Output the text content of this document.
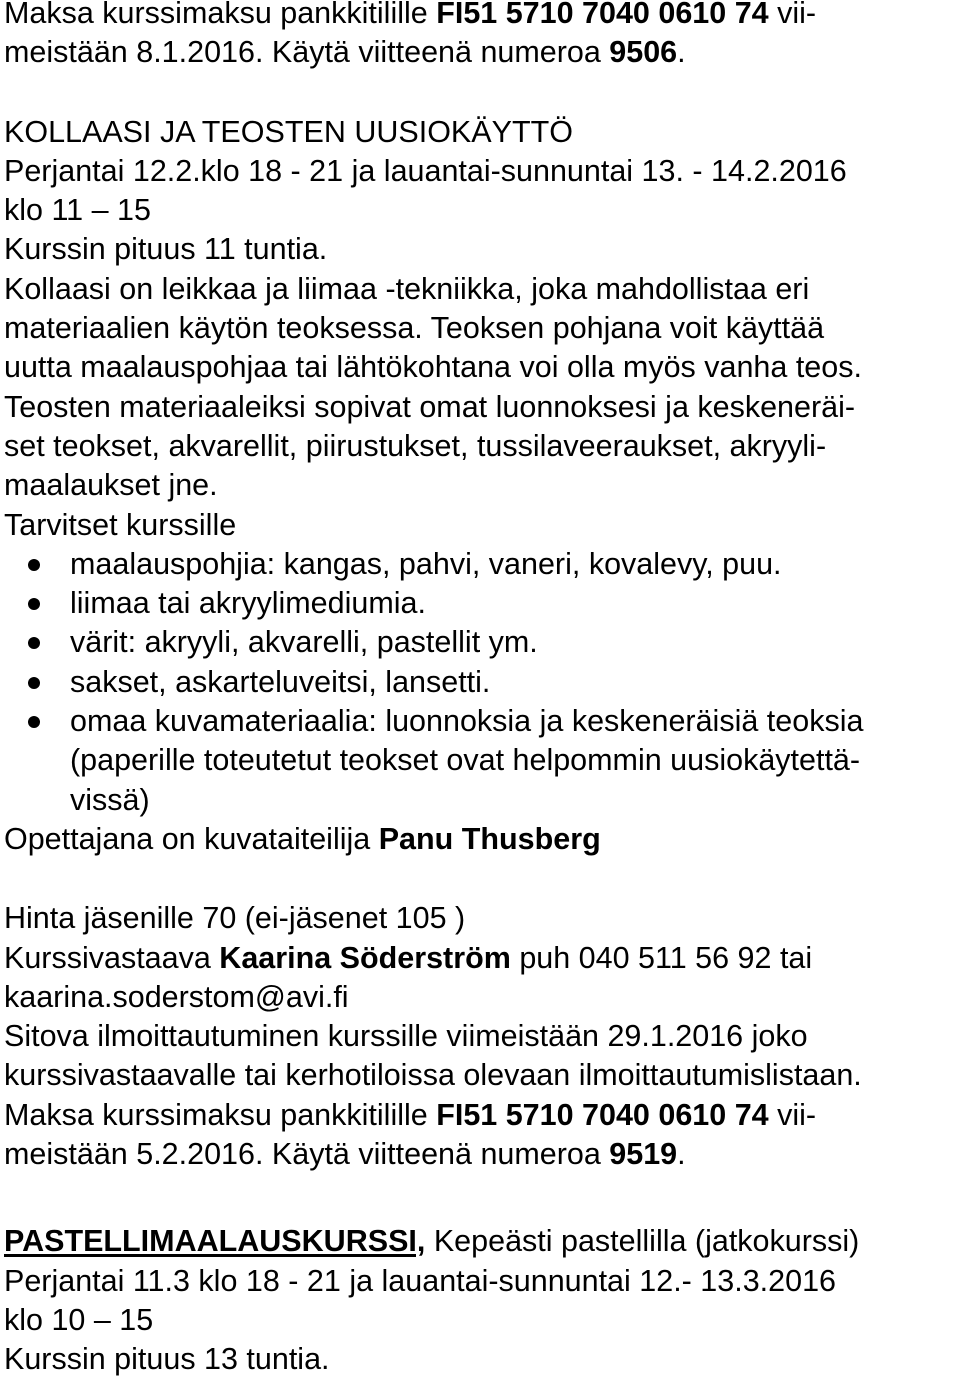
Maksa kurssimaksu pankkitilille FI51 5710 7040 0610 74 vii-
meistään 8.1.2016. Käytä viitteenä numeroa 9506.
KOLLAASI JA TEOSTEN UUSIOKÄYTTÖ
Perjantai 12.2.klo 18 - 21 ja lauantai-sunnuntai 13. - 14.2.2016
klo 11 – 15
Kurssin pituus 11 tuntia.
Kollaasi on leikkaa ja liimaa -tekniikka, joka mahdollistaa eri
materiaalien käytön teoksessa. Teoksen pohjana voit käyttää
uutta maalauspohjaa tai lähtökohtana voi olla myös vanha teos.
Teosten materiaaleiksi sopivat omat luonnoksesi ja keskeneräi-
set teokset, akvarellit, piirustukset, tussilaveeraukset, akryyli-
maalaukset jne.
Tarvitset kurssille
maalauspohjia: kangas, pahvi, vaneri, kovalevy, puu.
liimaa tai akryylimediumia.
värit: akryyli, akvarelli, pastellit ym.
sakset, askarteluveitsi, lansetti.
omaa kuvamateriaalia: luonnoksia ja keskeneräisiä teoksia
(paperille toteutetut teokset ovat helpommin uusiokäytettä-
vissä)
Opettajana on kuvataiteilija Panu Thusberg
Hinta jäsenille 70 (ei-jäsenet 105 )
Kurssivastaava Kaarina Söderström puh 040 511 56 92 tai
kaarina.soderstom@avi.fi
Sitova ilmoittautuminen kurssille viimeistään 29.1.2016 joko
kurssivastaavalle tai kerhotiloissa olevaan ilmoittautumislistaan.
Maksa kurssimaksu pankkitilille FI51 5710 7040 0610 74 vii-
meistään 5.2.2016. Käytä viitteenä numeroa 9519.
PASTELLIMAALAUSKURSSI, Kepeästi pastellilla (jatkokurssi)
Perjantai 11.3 klo 18 - 21 ja lauantai-sunnuntai 12.- 13.3.2016
klo 10 – 15
Kurssin pituus 13 tuntia.
